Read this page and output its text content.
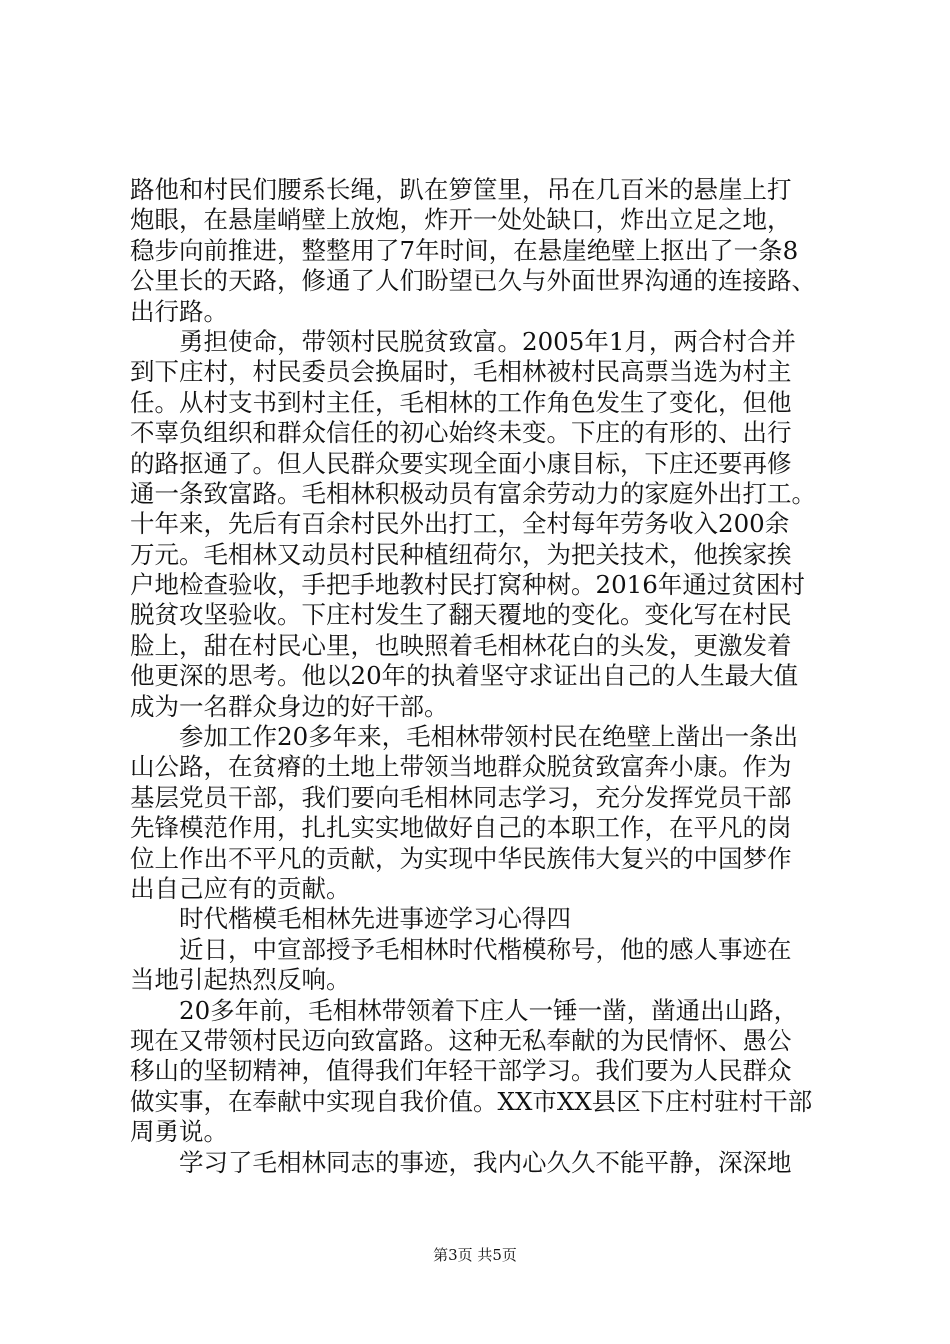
路他和村民们腰系长绳，趴在箩筐里，吊在几百米的悬崖上打
炮眼，在悬崖峭壁上放炮，炸开一处处缺口，炸出立足之地，
稳步向前推进，整整用了7年时间，在悬崖绝壁上抠出了一条8
公里长的天路，修通了人们盼望已久与外面世界沟通的连接路、
出行路。
勇担使命，带领村民脱贫致富。2005年1月，两合村合并
到下庄村，村民委员会换届时，毛相林被村民高票当选为村主
任。从村支书到村主任，毛相林的工作角色发生了变化，但他
不辜负组织和群众信任的初心始终未变。下庄的有形的、出行
的路抠通了。但人民群众要实现全面小康目标，下庄还要再修
通一条致富路。毛相林积极动员有富余劳动力的家庭外出打工。
十年来，先后有百余村民外出打工，全村每年劳务收入200余
万元。毛相林又动员村民种植纽荷尔，为把关技术，他挨家挨
户地检查验收，手把手地教村民打窝种树。2016年通过贫困村
脱贫攻坚验收。下庄村发生了翻天覆地的变化。变化写在村民
脸上，甜在村民心里，也映照着毛相林花白的头发，更激发着
他更深的思考。他以20年的执着坚守求证出自己的人生最大值
成为一名群众身边的好干部。
参加工作20多年来，毛相林带领村民在绝壁上凿出一条出
山公路，在贫瘠的土地上带领当地群众脱贫致富奔小康。作为
基层党员干部，我们要向毛相林同志学习，充分发挥党员干部
先锋模范作用，扎扎实实地做好自己的本职工作，在平凡的岗
位上作出不平凡的贡献，为实现中华民族伟大复兴的中国梦作
出自己应有的贡献。
时代楷模毛相林先进事迹学习心得四
近日，中宣部授予毛相林时代楷模称号，他的感人事迹在
当地引起热烈反响。
20多年前，毛相林带领着下庄人一锤一凿，凿通出山路，
现在又带领村民迈向致富路。这种无私奉献的为民情怀、愚公
移山的坚韧精神，值得我们年轻干部学习。我们要为人民群众
做实事，在奉献中实现自我价值。XX市XX县区下庄村驻村干部
周勇说。
学习了毛相林同志的事迹，我内心久久不能平静，深深地
第3页 共5页
